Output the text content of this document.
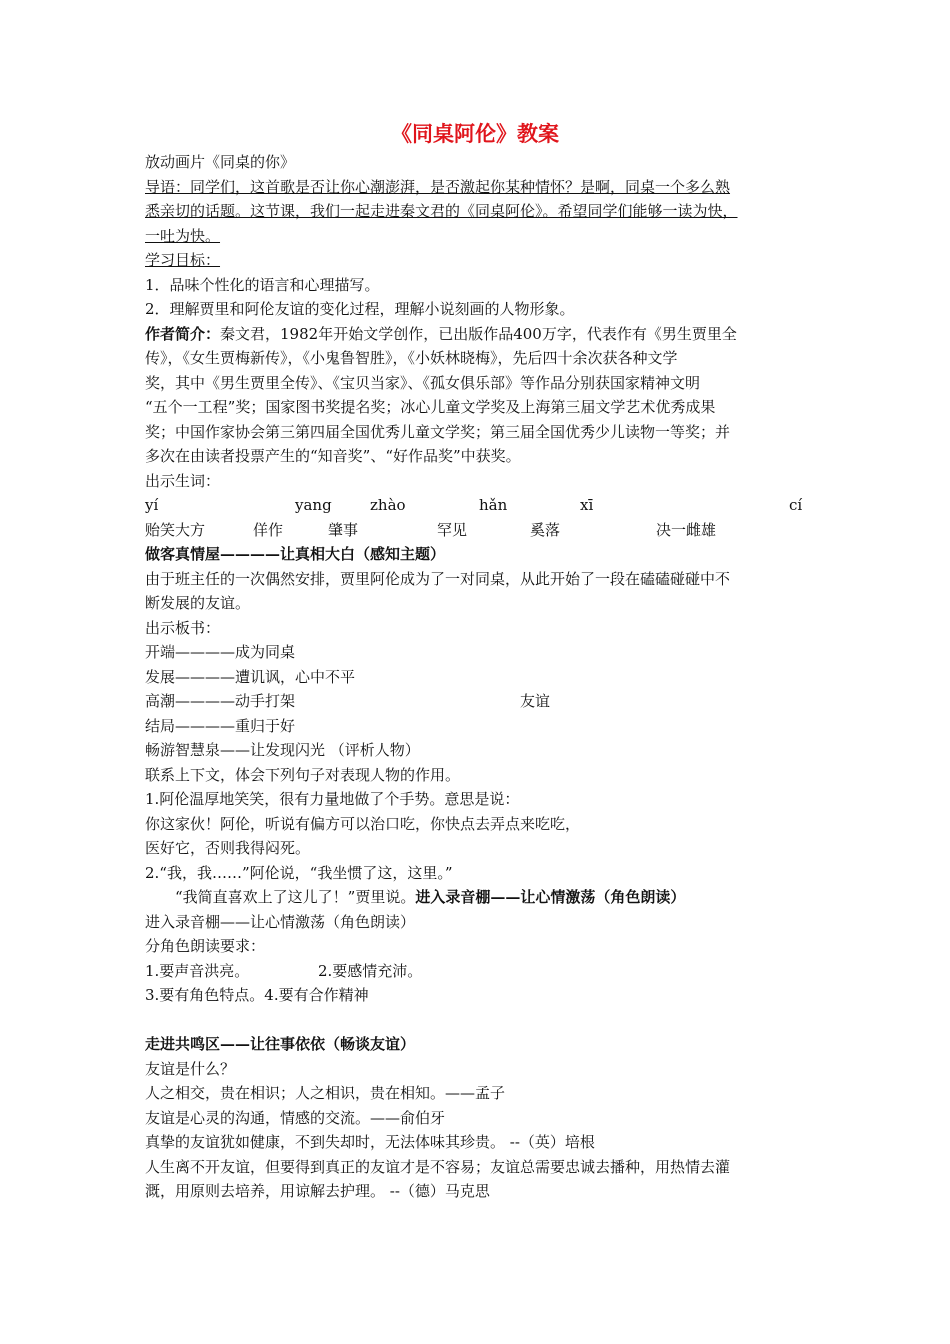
《同桌阿伦》教案
放动画片《同桌的你》
导语：同学们，这首歌是否让你心潮澎湃，是否激起你某种情怀？是啊，同桌一个多么熟
悉亲切的话题。这节课，我们一起走进秦文君的《同桌阿伦》。希望同学们能够一读为快，
一吐为快。
学习目标：
1．品味个性化的语言和心理描写。
2．理解贾里和阿伦友谊的变化过程，理解小说刻画的人物形象。
作者简介：秦文君，1982年开始文学创作，已出版作品400万字，代表作有《男生贾里全
传》，《女生贾梅新传》，《小鬼鲁智胜》，《小妖林晓梅》，先后四十余次获各种文学
奖，其中《男生贾里全传》、《宝贝当家》、《孤女俱乐部》等作品分别获国家精神文明
“五个一工程”奖；国家图书奖提名奖；冰心儿童文学奖及上海第三届文学艺术优秀成果
奖；中国作家协会第三第四届全国优秀儿童文学奖；第三届全国优秀少儿读物一等奖；并
多次在由读者投票产生的“知音奖”、“好作品奖”中获奖。
出示生词：
yí	yang	zhào	hǎn	xī	cí
贻笑大方	佯作	肇事	罕见	奚落	决一雌雄
做客真情屋————让真相大白（感知主题）
由于班主任的一次偶然安排，贾里阿伦成为了一对同桌，从此开始了一段在磕磕碰碰中不
断发展的友谊。
出示板书：
开端————成为同桌
发展————遭讥讽，心中不平
高潮————动手打架	友谊
结局————重归于好
畅游智慧泉——让发现闪光 （评析人物）
联系上下文，体会下列句子对表现人物的作用。
1.阿伦温厚地笑笑，很有力量地做了个手势。意思是说：
你这家伙！阿伦，听说有偏方可以治口吃，你快点去弄点来吃吃，
医好它，否则我得闷死。
2.“我，我……”阿伦说，“我坐惯了这，这里。”
“我简直喜欢上了这儿了！”贾里说。进入录音棚——让心情激荡（角色朗读）
进入录音棚——让心情激荡（角色朗读）
分角色朗读要求：
1.要声音洪亮。	2.要感情充沛。
3.要有角色特点。4.要有合作精神
走进共鸣区——让往事依依（畅谈友谊）
友谊是什么？
人之相交，贵在相识；人之相识，贵在相知。——孟子
友谊是心灵的沟通，情感的交流。——俞伯牙
真挚的友谊犹如健康，不到失却时，无法体味其珍贵。 --（英）培根
人生离不开友谊，但要得到真正的友谊才是不容易；友谊总需要忠诚去播种，用热情去灌
溉，用原则去培养，用谅解去护理。 --（德）马克思
